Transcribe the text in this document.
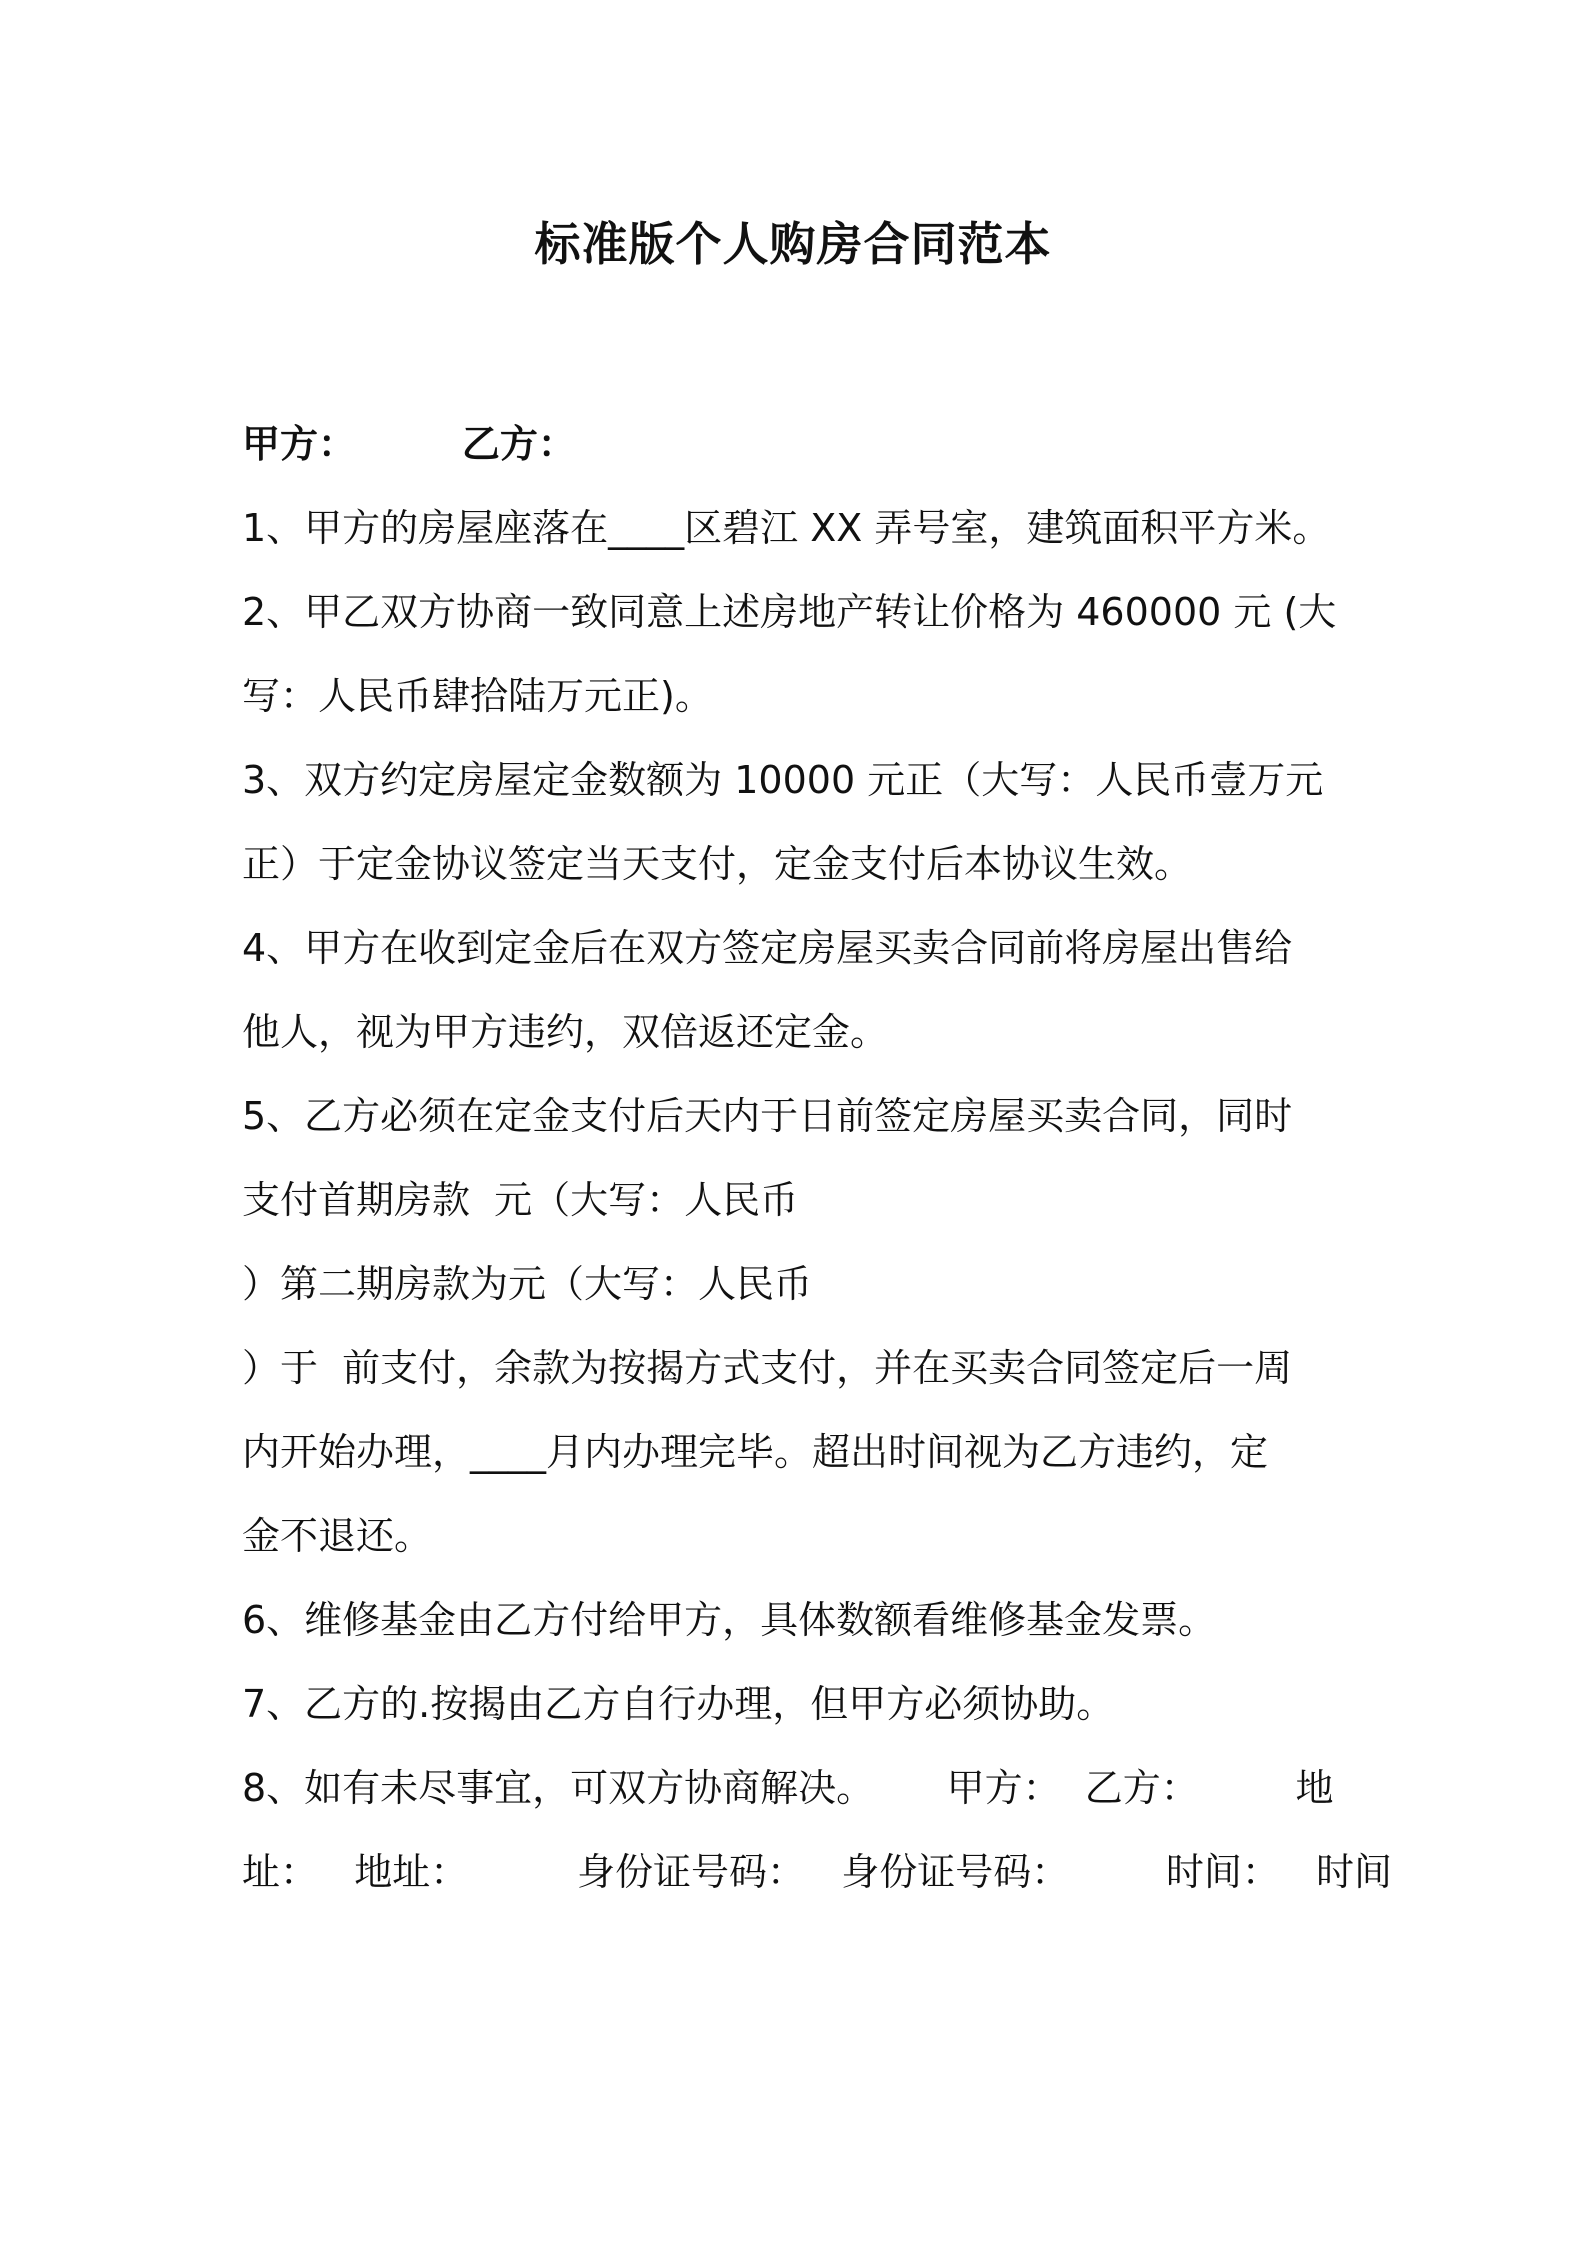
标准版个人购房合同范本
甲方：        乙方：
1、甲方的房屋座落在____区碧江 XX 弄号室，建筑面积平方米。
2、甲乙双方协商一致同意上述房地产转让价格为 460000 元 (大
写：人民币肆拾陆万元正)。
3、双方约定房屋定金数额为 10000 元正（大写：人民币壹万元
正）于定金协议签定当天支付，定金支付后本协议生效。
4、甲方在收到定金后在双方签定房屋买卖合同前将房屋出售给
他人，视为甲方违约，双倍返还定金。
5、乙方必须在定金支付后天内于日前签定房屋买卖合同，同时
支付首期房款  元（大写：人民币
）第二期房款为元（大写：人民币
）于  前支付，余款为按揭方式支付，并在买卖合同签定后一周
内开始办理，____月内办理完毕。超出时间视为乙方违约，定
金不退还。
6、维修基金由乙方付给甲方，具体数额看维修基金发票。
7、乙方的.按揭由乙方自行办理，但甲方必须协助。
8、如有未尽事宜，可双方协商解决。      甲方：  乙方：        地
址：   地址：         身份证号码：   身份证号码：        时间：   时间
